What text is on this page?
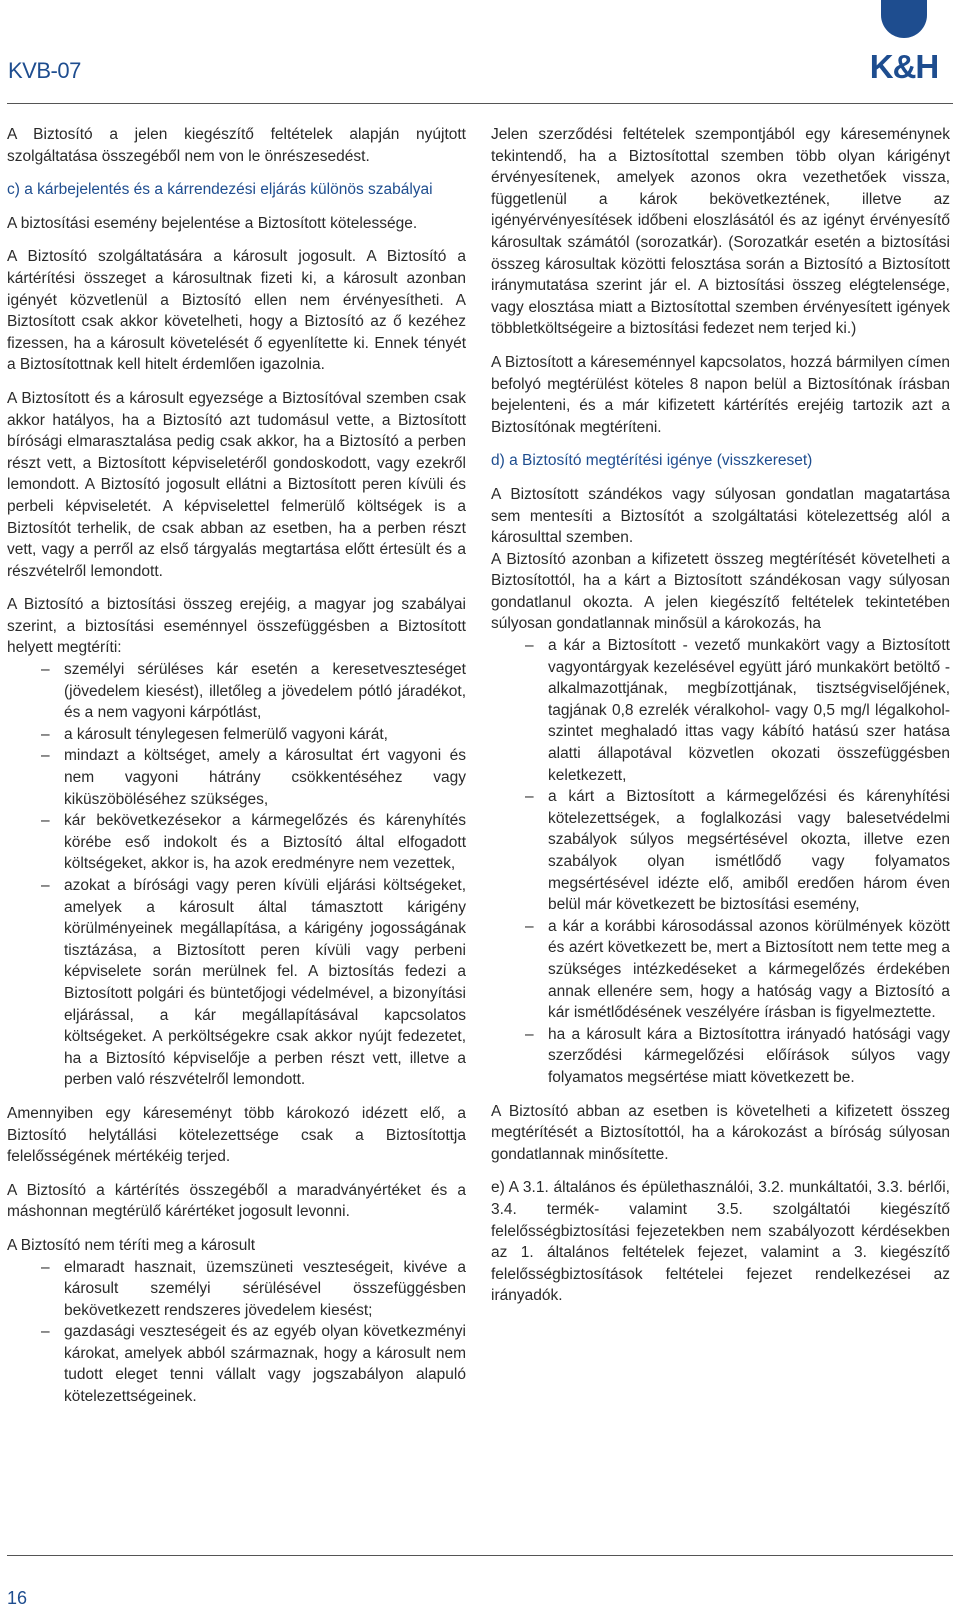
KVB-07	K&H

A Biztosító a jelen kiegészítő feltételek alapján nyújtott szolgáltatása összegéből nem von le önrészesedést.

c) a kárbejelentés és a kárrendezési eljárás különös szabályai

A biztosítási esemény bejelentése a Biztosított kötelessége.

A Biztosító szolgáltatására a károsult jogosult. A Biztosító a kártérítési összeget a károsultnak fizeti ki, a károsult azonban igényét közvetlenül a Biztosító ellen nem érvényesítheti. A Biztosított csak akkor követelheti, hogy a Biztosító az ő kezéhez fizessen, ha a károsult követelését ő egyenlítette ki. Ennek tényét a Biztosítottnak kell hitelt érdemlően igazolnia.

A Biztosított és a károsult egyezsége a Biztosítóval szemben csak akkor hatályos, ha a Biztosító azt tudomásul vette, a Biztosított bírósági elmarasztalása pedig csak akkor, ha a Biztosító a perben részt vett, a Biztosított képviseletéről gondoskodott, vagy ezekről lemondott. A Biztosító jogosult ellátni a Biztosított peren kívüli és perbeli képviseletét. A képviselettel felmerülő költségek is a Biztosítót terhelik, de csak abban az esetben, ha a perben részt vett, vagy a perről az első tárgyalás megtartása előtt értesült és a részvételről lemondott.

A Biztosító a biztosítási összeg erejéig, a magyar jog szabályai szerint, a biztosítási eseménnyel összefüggésben a Biztosított helyett megtéríti:

– személyi sérüléses kár esetén a keresetveszteséget (jövedelem kiesést), illetőleg a jövedelem pótló járadékot, és a nem vagyoni kárpótlást,
– a károsult ténylegesen felmerülő vagyoni kárát,
– mindazt a költséget, amely a károsultat ért vagyoni és nem vagyoni hátrány csökkentéséhez vagy kiküszöböléséhez szükséges,
– kár bekövetkezésekor a kármegelőzés és kárenyhítés körébe eső indokolt és a Biztosító által elfogadott költségeket, akkor is, ha azok eredményre nem vezettek,
– azokat a bírósági vagy peren kívüli eljárási költségeket, amelyek a károsult által támasztott kárigény körülményeinek megállapítása, a kárigény jogosságának tisztázása, a Biztosított peren kívüli vagy perbeni képviselete során merülnek fel. A biztosítás fedezi a Biztosított polgári és büntetőjogi védelmével, a bizonyítási eljárással, a kár megállapításával kapcsolatos költségeket. A perköltségekre csak akkor nyújt fedezetet, ha a Biztosító képviselője a perben részt vett, illetve a perben való részvételről lemondott.

Amennyiben egy káreseményt több károkozó idézett elő, a Biztosító helytállási kötelezettsége csak a Biztosítottja felelősségének mértékéig terjed.

A Biztosító a kártérítés összegéből a maradványértéket és a máshonnan megtérülő kárértéket jogosult levonni.

A Biztosító nem téríti meg a károsult

– elmaradt hasznait, üzemszüneti veszteségeit, kivéve a károsult személyi sérülésével összefüggésben bekövetkezett rendszeres jövedelem kiesést;
– gazdasági veszteségeit és az egyéb olyan következményi károkat, amelyek abból származnak, hogy a károsult nem tudott eleget tenni vállalt vagy jogszabályon alapuló kötelezettségeinek.

Jelen szerződési feltételek szempontjából egy káreseménynek tekintendő, ha a Biztosítottal szemben több olyan kárigényt érvényesítenek, amelyek azonos okra vezethetőek vissza, függetlenül a károk bekövetkeztének, illetve az igényérvényesítések időbeni eloszlásától és az igényt érvényesítő károsultak számától (sorozatkár). (Sorozatkár esetén a biztosítási összeg károsultak közötti felosztása során a Biztosító a Biztosított iránymutatása szerint jár el. A biztosítási összeg elégtelensége, vagy elosztása miatt a Biztosítottal szemben érvényesített igények többletköltségeire a biztosítási fedezet nem terjed ki.)

A Biztosított a káreseménnyel kapcsolatos, hozzá bármilyen címen befolyó megtérülést köteles 8 napon belül a Biztosítónak írásban bejelenteni, és a már kifizetett kártérítés erejéig tartozik azt a Biztosítónak megtéríteni.

d) a Biztosító megtérítési igénye (visszkereset)

A Biztosított szándékos vagy súlyosan gondatlan magatartása sem mentesíti a Biztosítót a szolgáltatási kötelezettség alól a károsulttal szemben.

A Biztosító azonban a kifizetett összeg megtérítését követelheti a Biztosítottól, ha a kárt a Biztosított szándékosan vagy súlyosan gondatlanul okozta. A jelen kiegészítő feltételek tekintetében súlyosan gondatlannak minősül a károkozás, ha

– a kár a Biztosított - vezető munkakört vagy a Biztosított vagyontárgyak kezelésével együtt járó munkakört betöltő - alkalmazottjának, megbízottjának, tisztségviselőjének, tagjának 0,8 ezrelék véralkohol- vagy 0,5 mg/l légalkohol-szintet meghaladó ittas vagy kábító hatású szer hatása alatti állapotával közvetlen okozati összefüggésben keletkezett,
– a kárt a Biztosított a kármegelőzési és kárenyhítési kötelezettségek, a foglalkozási vagy balesetvédelmi szabályok súlyos megsértésével okozta, illetve ezen szabályok olyan ismétlődő vagy folyamatos megsértésével idézte elő, amiből eredően három éven belül már következett be biztosítási esemény,
– a kár a korábbi károsodással azonos körülmények között és azért következett be, mert a Biztosított nem tette meg a szükséges intézkedéseket a kármegelőzés érdekében annak ellenére sem, hogy a hatóság vagy a Biztosító a kár ismétlődésének veszélyére írásban is figyelmeztette.
– ha a károsult kára a Biztosítottra irányadó hatósági vagy szerződési kármegelőzési előírások súlyos vagy folyamatos megsértése miatt következett be.

A Biztosító abban az esetben is követelheti a kifizetett összeg megtérítését a Biztosítottól, ha a károkozást a bíróság súlyosan gondatlannak minősítette.

e) A 3.1. általános és épülethasználói, 3.2. munkáltatói, 3.3. bérlői, 3.4. termék- valamint 3.5. szolgáltatói kiegészítő felelősségbiztosítási fejezetekben nem szabályozott kérdésekben az 1. általános feltételek fejezet, valamint a 3. kiegészítő felelősségbiztosítások feltételei fejezet rendelkezései az irányadók.

16
